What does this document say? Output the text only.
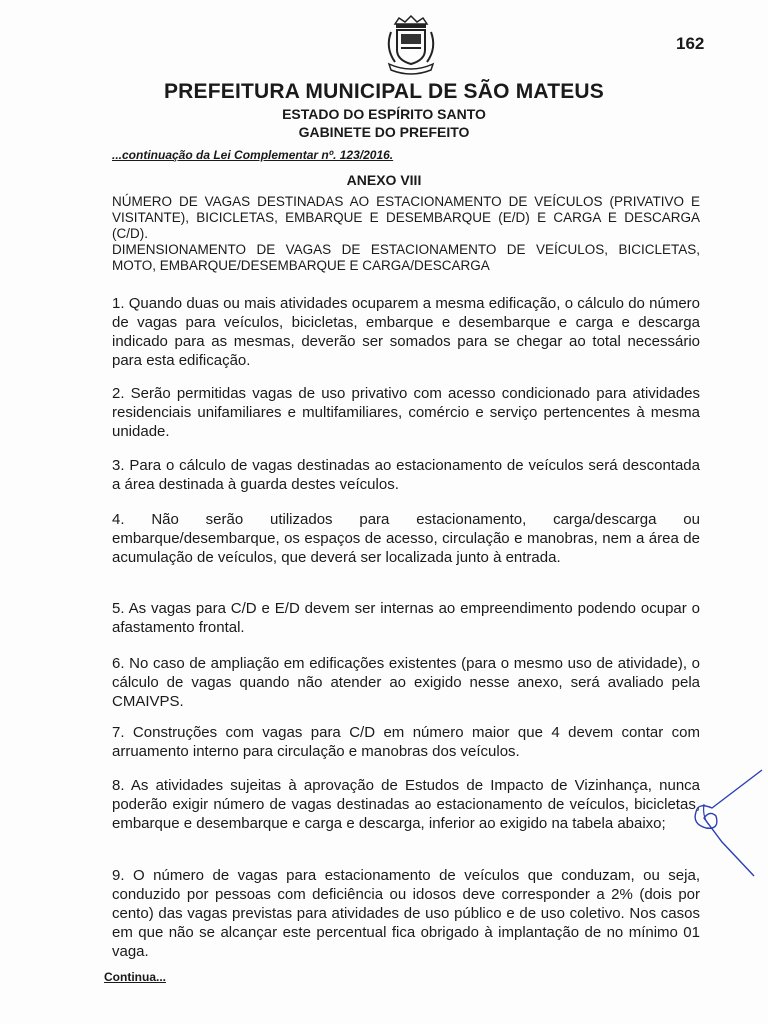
162
PREFEITURA MUNICIPAL DE SÃO MATEUS
ESTADO DO ESPÍRITO SANTO
GABINETE DO PREFEITO
...continuação da Lei Complementar nº. 123/2016.
ANEXO VIII

NÚMERO DE VAGAS DESTINADAS AO ESTACIONAMENTO DE VEÍCULOS (PRIVATIVO E VISITANTE), BICICLETAS, EMBARQUE E DESEMBARQUE (E/D) E CARGA E DESCARGA (C/D).

DIMENSIONAMENTO DE VAGAS DE ESTACIONAMENTO DE VEÍCULOS, BICICLETAS, MOTO, EMBARQUE/DESEMBARQUE E CARGA/DESCARGA

1. Quando duas ou mais atividades ocuparem a mesma edificação, o cálculo do número de vagas para veículos, bicicletas, embarque e desembarque e carga e descarga indicado para as mesmas, deverão ser somados para se chegar ao total necessário para esta edificação.

2. Serão permitidas vagas de uso privativo com acesso condicionado para atividades residenciais unifamiliares e multifamiliares, comércio e serviço pertencentes à mesma unidade.

3. Para o cálculo de vagas destinadas ao estacionamento de veículos será descontada a área destinada à guarda destes veículos.

4. Não serão utilizados para estacionamento, carga/descarga ou embarque/desembarque, os espaços de acesso, circulação e manobras, nem a área de acumulação de veículos, que deverá ser localizada junto à entrada.

5. As vagas para C/D e E/D devem ser internas ao empreendimento podendo ocupar o afastamento frontal.

6. No caso de ampliação em edificações existentes (para o mesmo uso de atividade), o cálculo de vagas quando não atender ao exigido nesse anexo, será avaliado pela CMAIVPS.

7. Construções com vagas para C/D em número maior que 4 devem contar com arruamento interno para circulação e manobras dos veículos.

8. As atividades sujeitas à aprovação de Estudos de Impacto de Vizinhança, nunca poderão exigir número de vagas destinadas ao estacionamento de veículos, bicicletas, embarque e desembarque e carga e descarga, inferior ao exigido na tabela abaixo;

9. O número de vagas para estacionamento de veículos que conduzam, ou seja, conduzido por pessoas com deficiência ou idosos deve corresponder a 2% (dois por cento) das vagas previstas para atividades de uso público e de uso coletivo. Nos casos em que não se alcançar este percentual fica obrigado à implantação de no mínimo 01 vaga.

Continua...
